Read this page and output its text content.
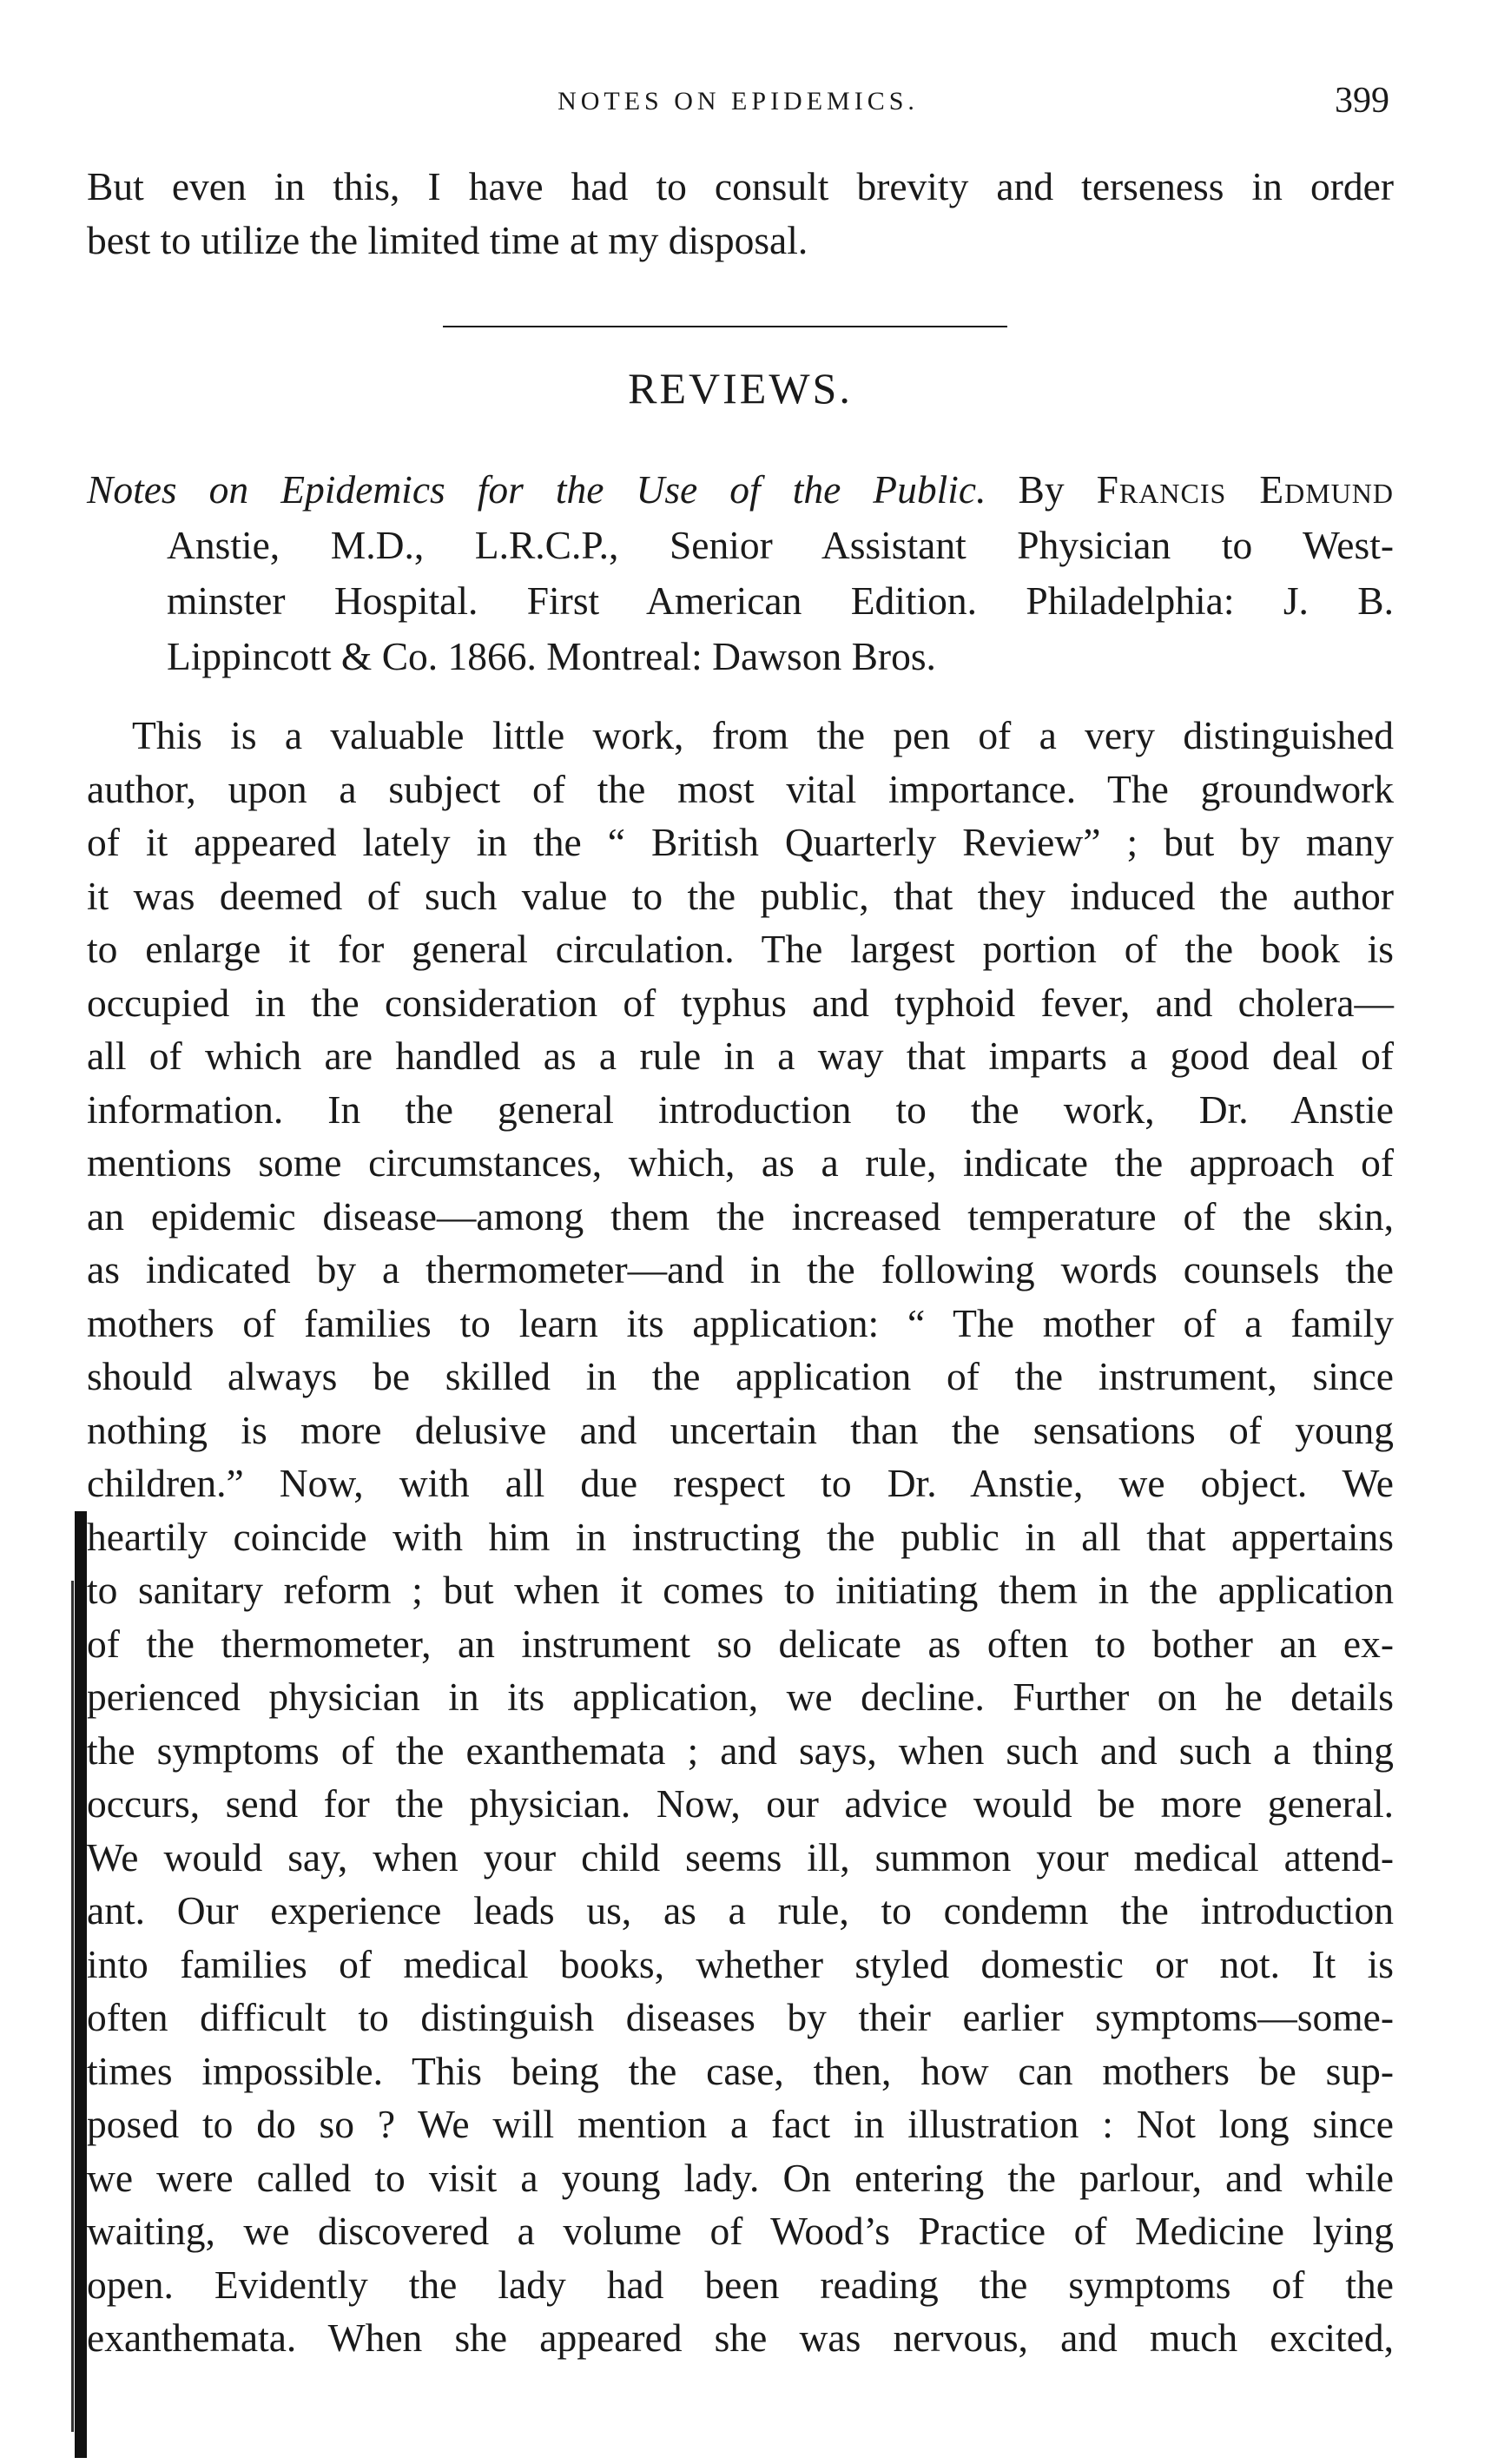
NOTES ON EPIDEMICS.	399
But even in this, I have had to consult brevity and terseness in order
best to utilize the limited time at my disposal.
REVIEWS.
Notes on Epidemics for the Use of the Public. By Francis Edmund
Anstie, M.D., L.R.C.P., Senior Assistant Physician to West-
minster Hospital. First American Edition. Philadelphia: J. B.
Lippincott & Co. 1866. Montreal: Dawson Bros.
This is a valuable little work, from the pen of a very distinguished
author, upon a subject of the most vital importance. The groundwork
of it appeared lately in the “ British Quarterly Review” ; but by many
it was deemed of such value to the public, that they induced the author
to enlarge it for general circulation. The largest portion of the book is
occupied in the consideration of typhus and typhoid fever, and cholera—
all of which are handled as a rule in a way that imparts a good deal of
information. In the general introduction to the work, Dr. Anstie
mentions some circumstances, which, as a rule, indicate the approach of
an epidemic disease—among them the increased temperature of the skin,
as indicated by a thermometer—and in the following words counsels the
mothers of families to learn its application: “ The mother of a family
should always be skilled in the application of the instrument, since
nothing is more delusive and uncertain than the sensations of young
children.” Now, with all due respect to Dr. Anstie, we object. We
heartily coincide with him in instructing the public in all that appertains
to sanitary reform ; but when it comes to initiating them in the application
of the thermometer, an instrument so delicate as often to bother an ex-
perienced physician in its application, we decline. Further on he details
the symptoms of the exanthemata ; and says, when such and such a thing
occurs, send for the physician. Now, our advice would be more general.
We would say, when your child seems ill, summon your medical attend-
ant. Our experience leads us, as a rule, to condemn the introduction
into families of medical books, whether styled domestic or not. It is
often difficult to distinguish diseases by their earlier symptoms—some-
times impossible. This being the case, then, how can mothers be sup-
posed to do so ? We will mention a fact in illustration : Not long since
we were called to visit a young lady. On entering the parlour, and while
waiting, we discovered a volume of Wood’s Practice of Medicine lying
open. Evidently the lady had been reading the symptoms of the
exanthemata. When she appeared she was nervous, and much excited,
